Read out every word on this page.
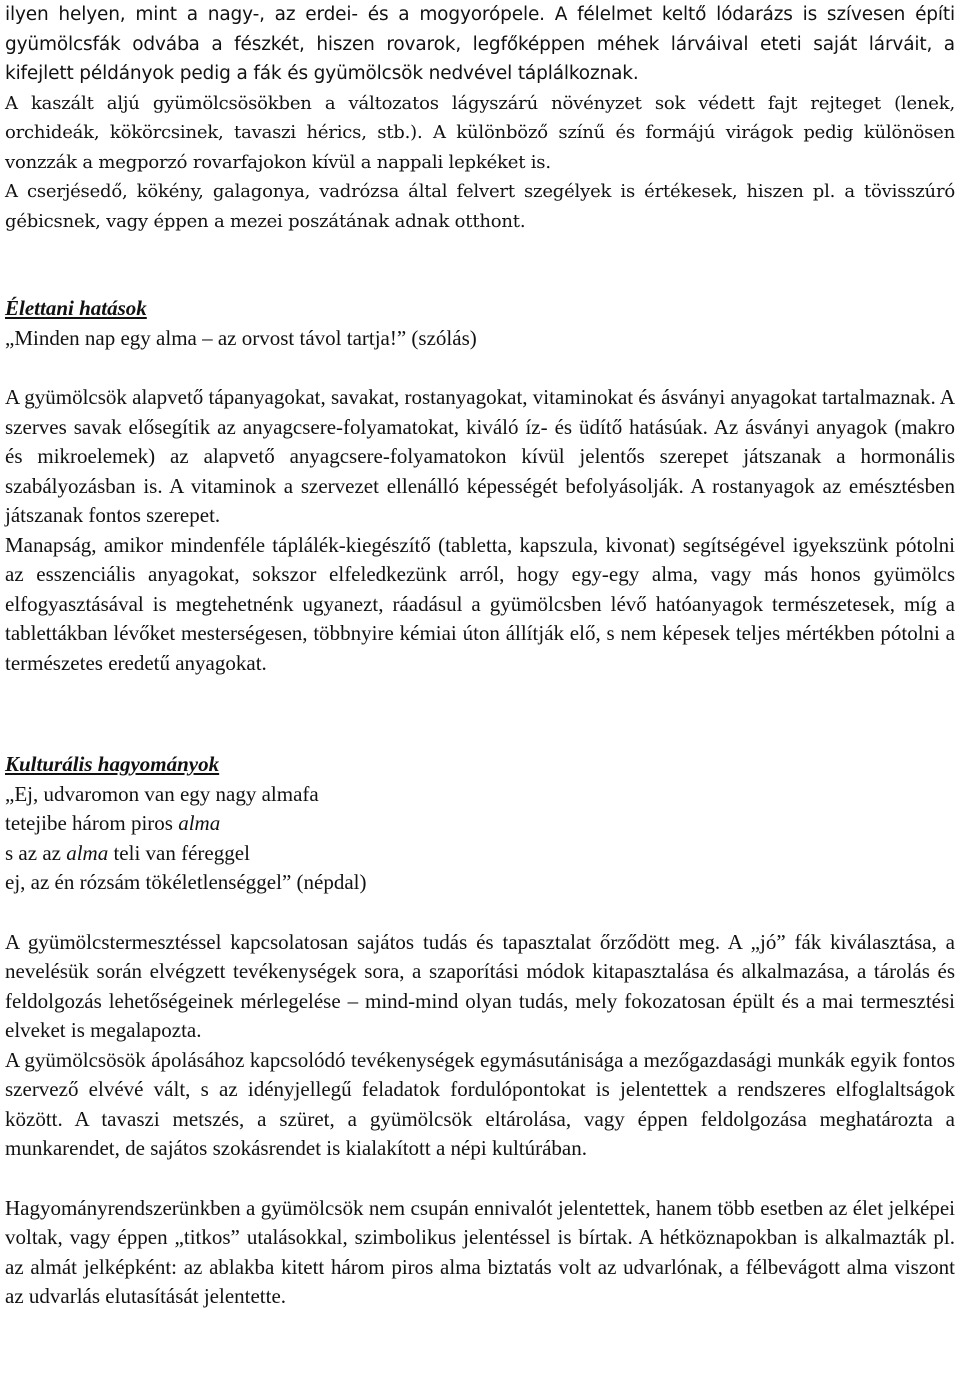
ilyen helyen, mint a nagy-, az erdei- és a mogyorópele. A félelmet keltő lódarázs is szívesen építi gyümölcsfák odvába a fészkét, hiszen rovarok, legfőképpen méhek lárváival eteti saját lárváit, a kifejlett példányok pedig a fák és gyümölcsök nedvével táplálkoznak.

A kaszált aljú gyümölcsösökben a változatos lágyszárú növényzet sok védett fajt rejteget (lenek, orchideák, kökörcsinek, tavaszi hérics, stb.). A különböző színű és formájú virágok pedig különösen vonzzák a megporzó rovarfajokon kívül a nappali lepkéket is.

A cserjésedő, kökény, galagonya, vadrózsa által felvert szegélyek is értékesek, hiszen pl. a tövisszúró gébicsnek, vagy éppen a mezei poszátának adnak otthont.

Élettani hatások
„Minden nap egy alma – az orvost távol tartja!” (szólás)

A gyümölcsök alapvető tápanyagokat, savakat, rostanyagokat, vitaminokat és ásványi anyagokat tartalmaznak. A szerves savak elősegítik az anyagcsere-folyamatokat, kiváló íz- és üdítő hatásúak. Az ásványi anyagok (makro és mikroelemek) az alapvető anyagcsere-folyamatokon kívül jelentős szerepet játszanak a hormonális szabályozásban is. A vitaminok a szervezet ellenálló képességét befolyásolják. A rostanyagok az emésztésben játszanak fontos szerepet.

Manapság, amikor mindenféle táplálék-kiegészítő (tabletta, kapszula, kivonat) segítségével igyekszünk pótolni az esszenciális anyagokat, sokszor elfeledkezünk arról, hogy egy-egy alma, vagy más honos gyümölcs elfogyasztásával is megtehetnénk ugyanezt, ráadásul a gyümölcsben lévő hatóanyagok természetesek, míg a tablettákban lévőket mesterségesen, többnyire kémiai úton állítják elő, s nem képesek teljes mértékben pótolni a természetes eredetű anyagokat.

Kulturális hagyományok
„Ej, udvaromon van egy nagy almafa
tetejibe három piros alma
s az az alma teli van féreggel
ej, az én rózsám tökéletlenséggel” (népdal)

A gyümölcstermesztéssel kapcsolatosan sajátos tudás és tapasztalat őrződött meg. A „jó” fák kiválasztása, a nevelésük során elvégzett tevékenységek sora, a szaporítási módok kitapasztalása és alkalmazása, a tárolás és feldolgozás lehetőségeinek mérlegelése – mind-mind olyan tudás, mely fokozatosan épült és a mai termesztési elveket is megalapozta.

A gyümölcsösök ápolásához kapcsolódó tevékenységek egymásutánisága a mezőgazdasági munkák egyik fontos szervező elvévé vált, s az idényjellegű feladatok fordulópontokat is jelentettek a rendszeres elfoglaltságok között. A tavaszi metszés, a szüret, a gyümölcsök eltárolása, vagy éppen feldolgozása meghatározta a munkarendet, de sajátos szokásrendet is kialakított a népi kultúrában.

Hagyományrendszerünkben a gyümölcsök nem csupán ennivalót jelentettek, hanem több esetben az élet jelképei voltak, vagy éppen „titkos” utalásokkal, szimbolikus jelentéssel is bírtak. A hétköznapokban is alkalmazták pl. az almát jelképként: az ablakba kitett három piros alma biztatás volt az udvarlónak, a félbevágott alma viszont az udvarlás elutasítását jelentette.
